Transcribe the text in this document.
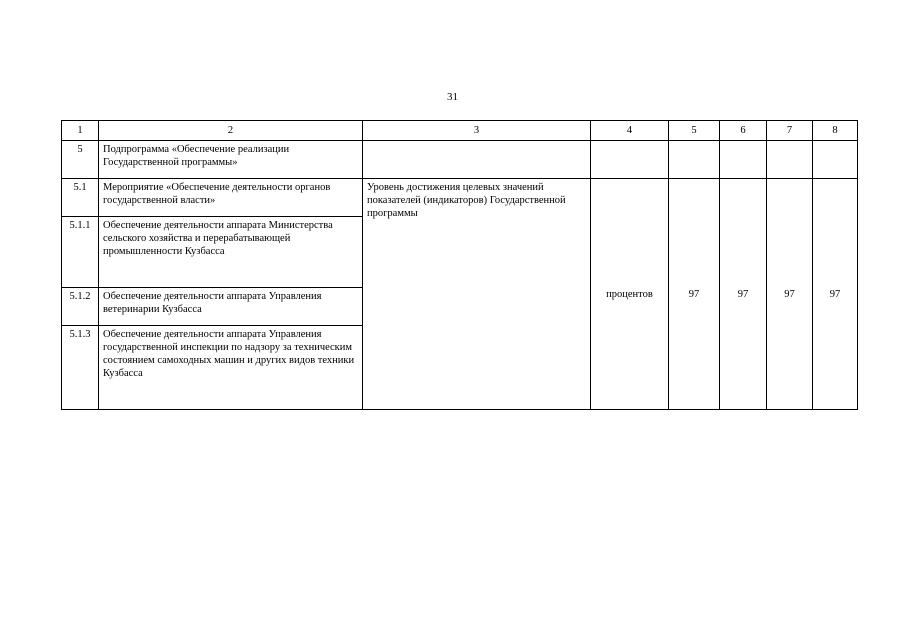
31
1	2	3	4	5	6	7	8
5	Подпрограмма «Обеспечение реализации Государственной программы»						
5.1	Мероприятие «Обеспечение деятельности органов государственной власти»	Уровень достижения целевых значений показателей (индикаторов) Государственной программы	процентов	97	97	97	97
5.1.1	Обеспечение деятельности аппарата Министерства сельского хозяйства и перерабатывающей промышленности Кузбасса						
5.1.2	Обеспечение деятельности аппарата Управления ветеринарии Кузбасса						
5.1.3	Обеспечение деятельности аппарата Управления государственной инспекции по надзору за техническим состоянием самоходных машин и других видов техники Кузбасса						
